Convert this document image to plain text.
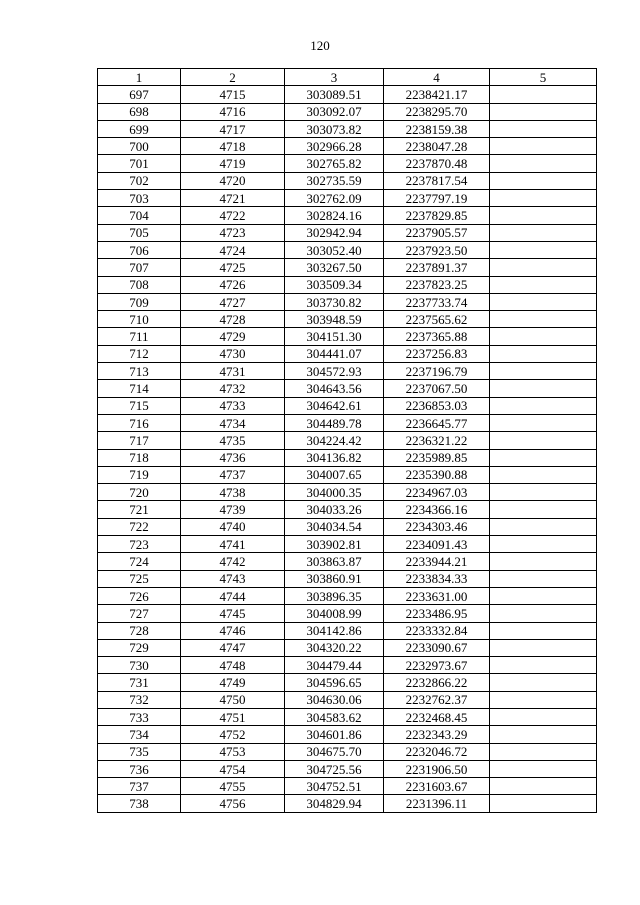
120
1	2	3	4	5
697	4715	303089.51	2238421.17	
698	4716	303092.07	2238295.70	
699	4717	303073.82	2238159.38	
700	4718	302966.28	2238047.28	
701	4719	302765.82	2237870.48	
702	4720	302735.59	2237817.54	
703	4721	302762.09	2237797.19	
704	4722	302824.16	2237829.85	
705	4723	302942.94	2237905.57	
706	4724	303052.40	2237923.50	
707	4725	303267.50	2237891.37	
708	4726	303509.34	2237823.25	
709	4727	303730.82	2237733.74	
710	4728	303948.59	2237565.62	
711	4729	304151.30	2237365.88	
712	4730	304441.07	2237256.83	
713	4731	304572.93	2237196.79	
714	4732	304643.56	2237067.50	
715	4733	304642.61	2236853.03	
716	4734	304489.78	2236645.77	
717	4735	304224.42	2236321.22	
718	4736	304136.82	2235989.85	
719	4737	304007.65	2235390.88	
720	4738	304000.35	2234967.03	
721	4739	304033.26	2234366.16	
722	4740	304034.54	2234303.46	
723	4741	303902.81	2234091.43	
724	4742	303863.87	2233944.21	
725	4743	303860.91	2233834.33	
726	4744	303896.35	2233631.00	
727	4745	304008.99	2233486.95	
728	4746	304142.86	2233332.84	
729	4747	304320.22	2233090.67	
730	4748	304479.44	2232973.67	
731	4749	304596.65	2232866.22	
732	4750	304630.06	2232762.37	
733	4751	304583.62	2232468.45	
734	4752	304601.86	2232343.29	
735	4753	304675.70	2232046.72	
736	4754	304725.56	2231906.50	
737	4755	304752.51	2231603.67	
738	4756	304829.94	2231396.11	
